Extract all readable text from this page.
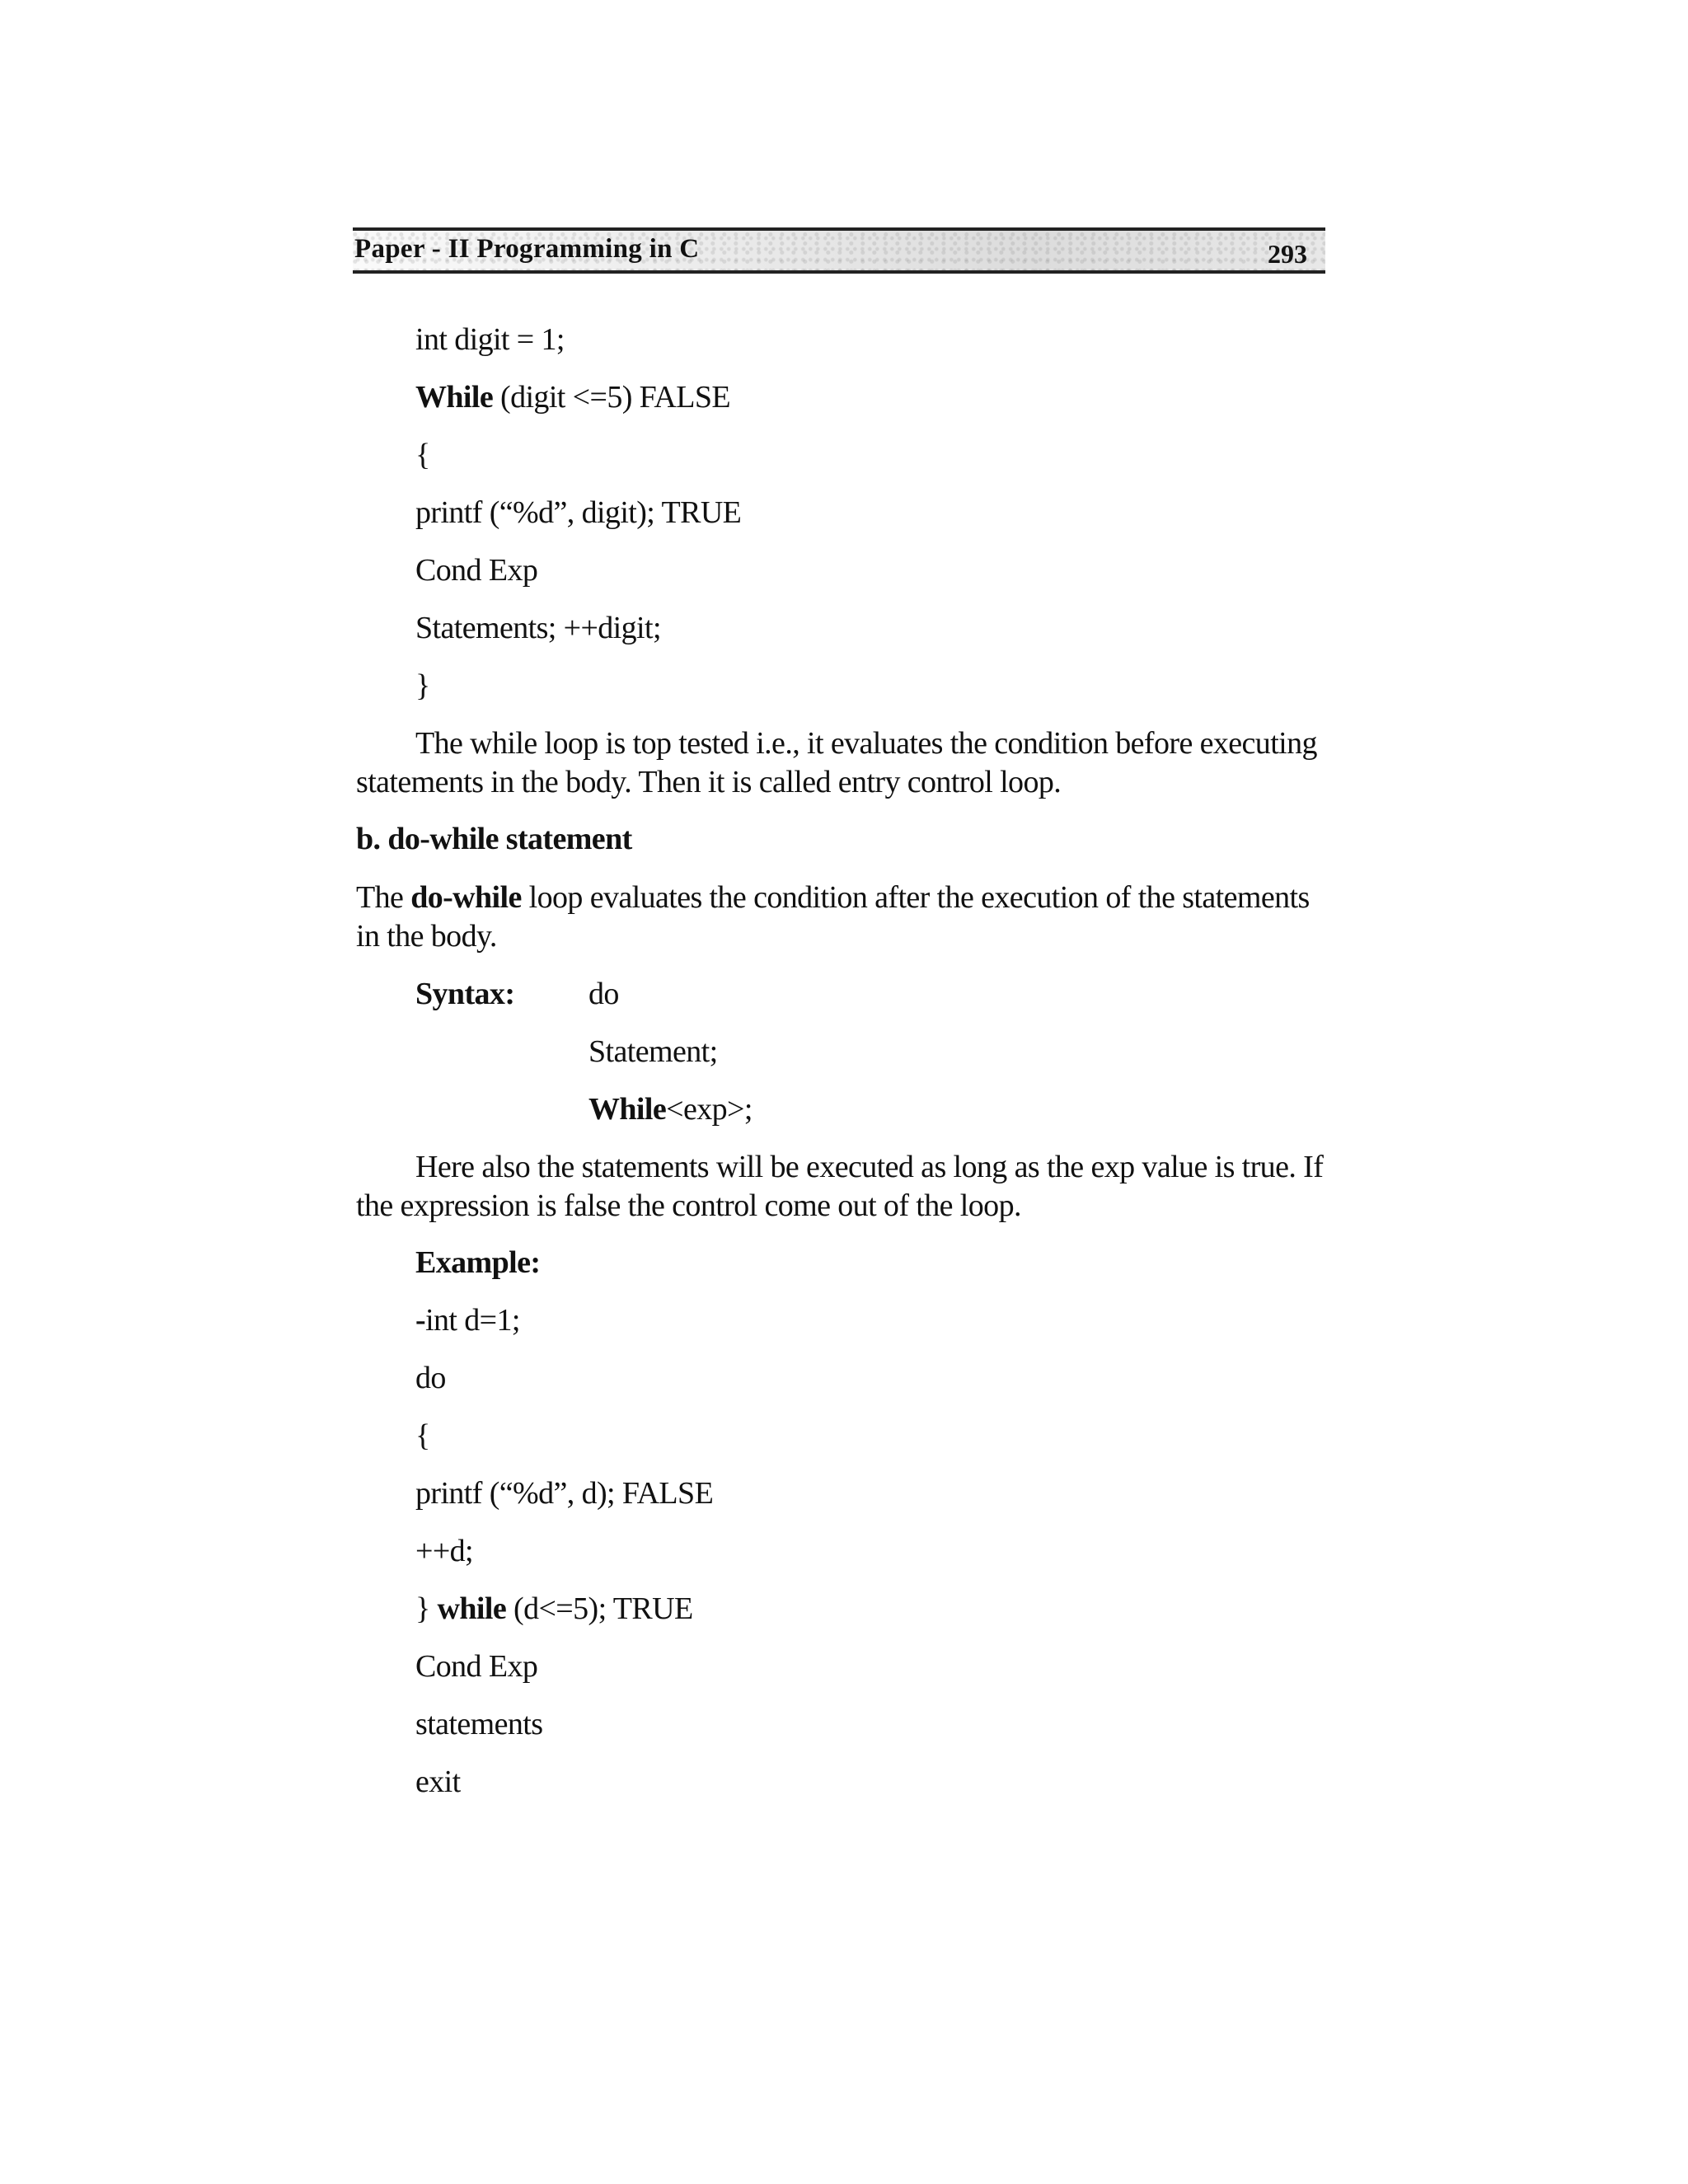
Paper - II Programming in C	293
int digit = 1;
While (digit <=5) FALSE
{
printf (“%d”, digit); TRUE
Cond Exp
Statements; ++digit;
}
The while loop is top tested i.e., it evaluates the condition before executing
statements in the body. Then it is called entry control loop.
b. do-while statement
The do-while loop evaluates the condition after the execution of the statements
in the body.
Syntax: do
Statement;
While<exp>;
Here also the statements will be executed as long as the exp value is true. If
the expression is false the control come out of the loop.
Example:
-int d=1;
do
{
printf (“%d”, d); FALSE
++d;
} while (d<=5); TRUE
Cond Exp
statements
exit
